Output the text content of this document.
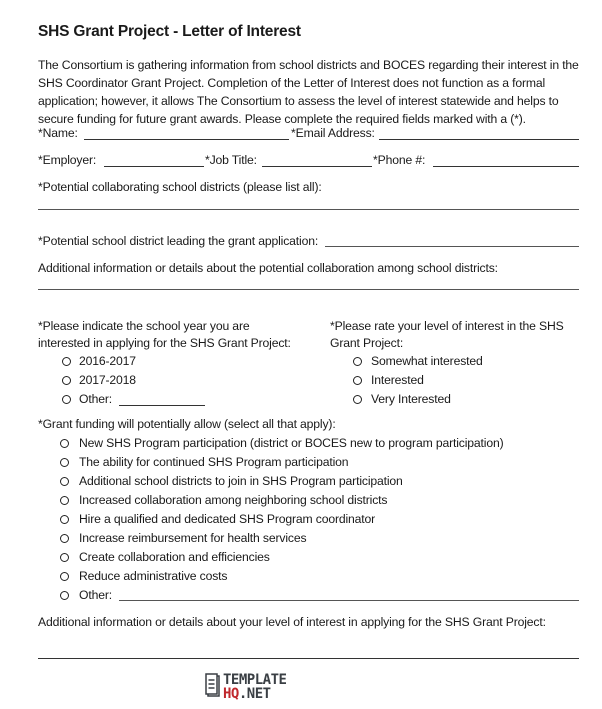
SHS Grant Project - Letter of Interest
The Consortium is gathering information from school districts and BOCES regarding their interest in the SHS Coordinator Grant Project. Completion of the Letter of Interest does not function as a formal application; however, it allows The Consortium to assess the level of interest statewide and helps to secure funding for future grant awards. Please complete the required fields marked with a (*).
*Name:	*Email Address:
*Employer:	*Job Title:	*Phone #:
*Potential collaborating school districts (please list all):
*Potential school district leading the grant application:
Additional information or details about the potential collaboration among school districts:
*Please indicate the school year you are
interested in applying for the SHS Grant Project:
2016-2017
2017-2018
Other:
*Please rate your level of interest in the SHS
Grant Project:
Somewhat interested
Interested
Very Interested
*Grant funding will potentially allow (select all that apply):
New SHS Program participation (district or BOCES new to program participation)
The ability for continued SHS Program participation
Additional school districts to join in SHS Program participation
Increased collaboration among neighboring school districts
Hire a qualified and dedicated SHS Program coordinator
Increase reimbursement for health services
Create collaboration and efficiencies
Reduce administrative costs
Other:
Additional information or details about your level of interest in applying for the SHS Grant Project:
TEMPLATE
HQ.NET
